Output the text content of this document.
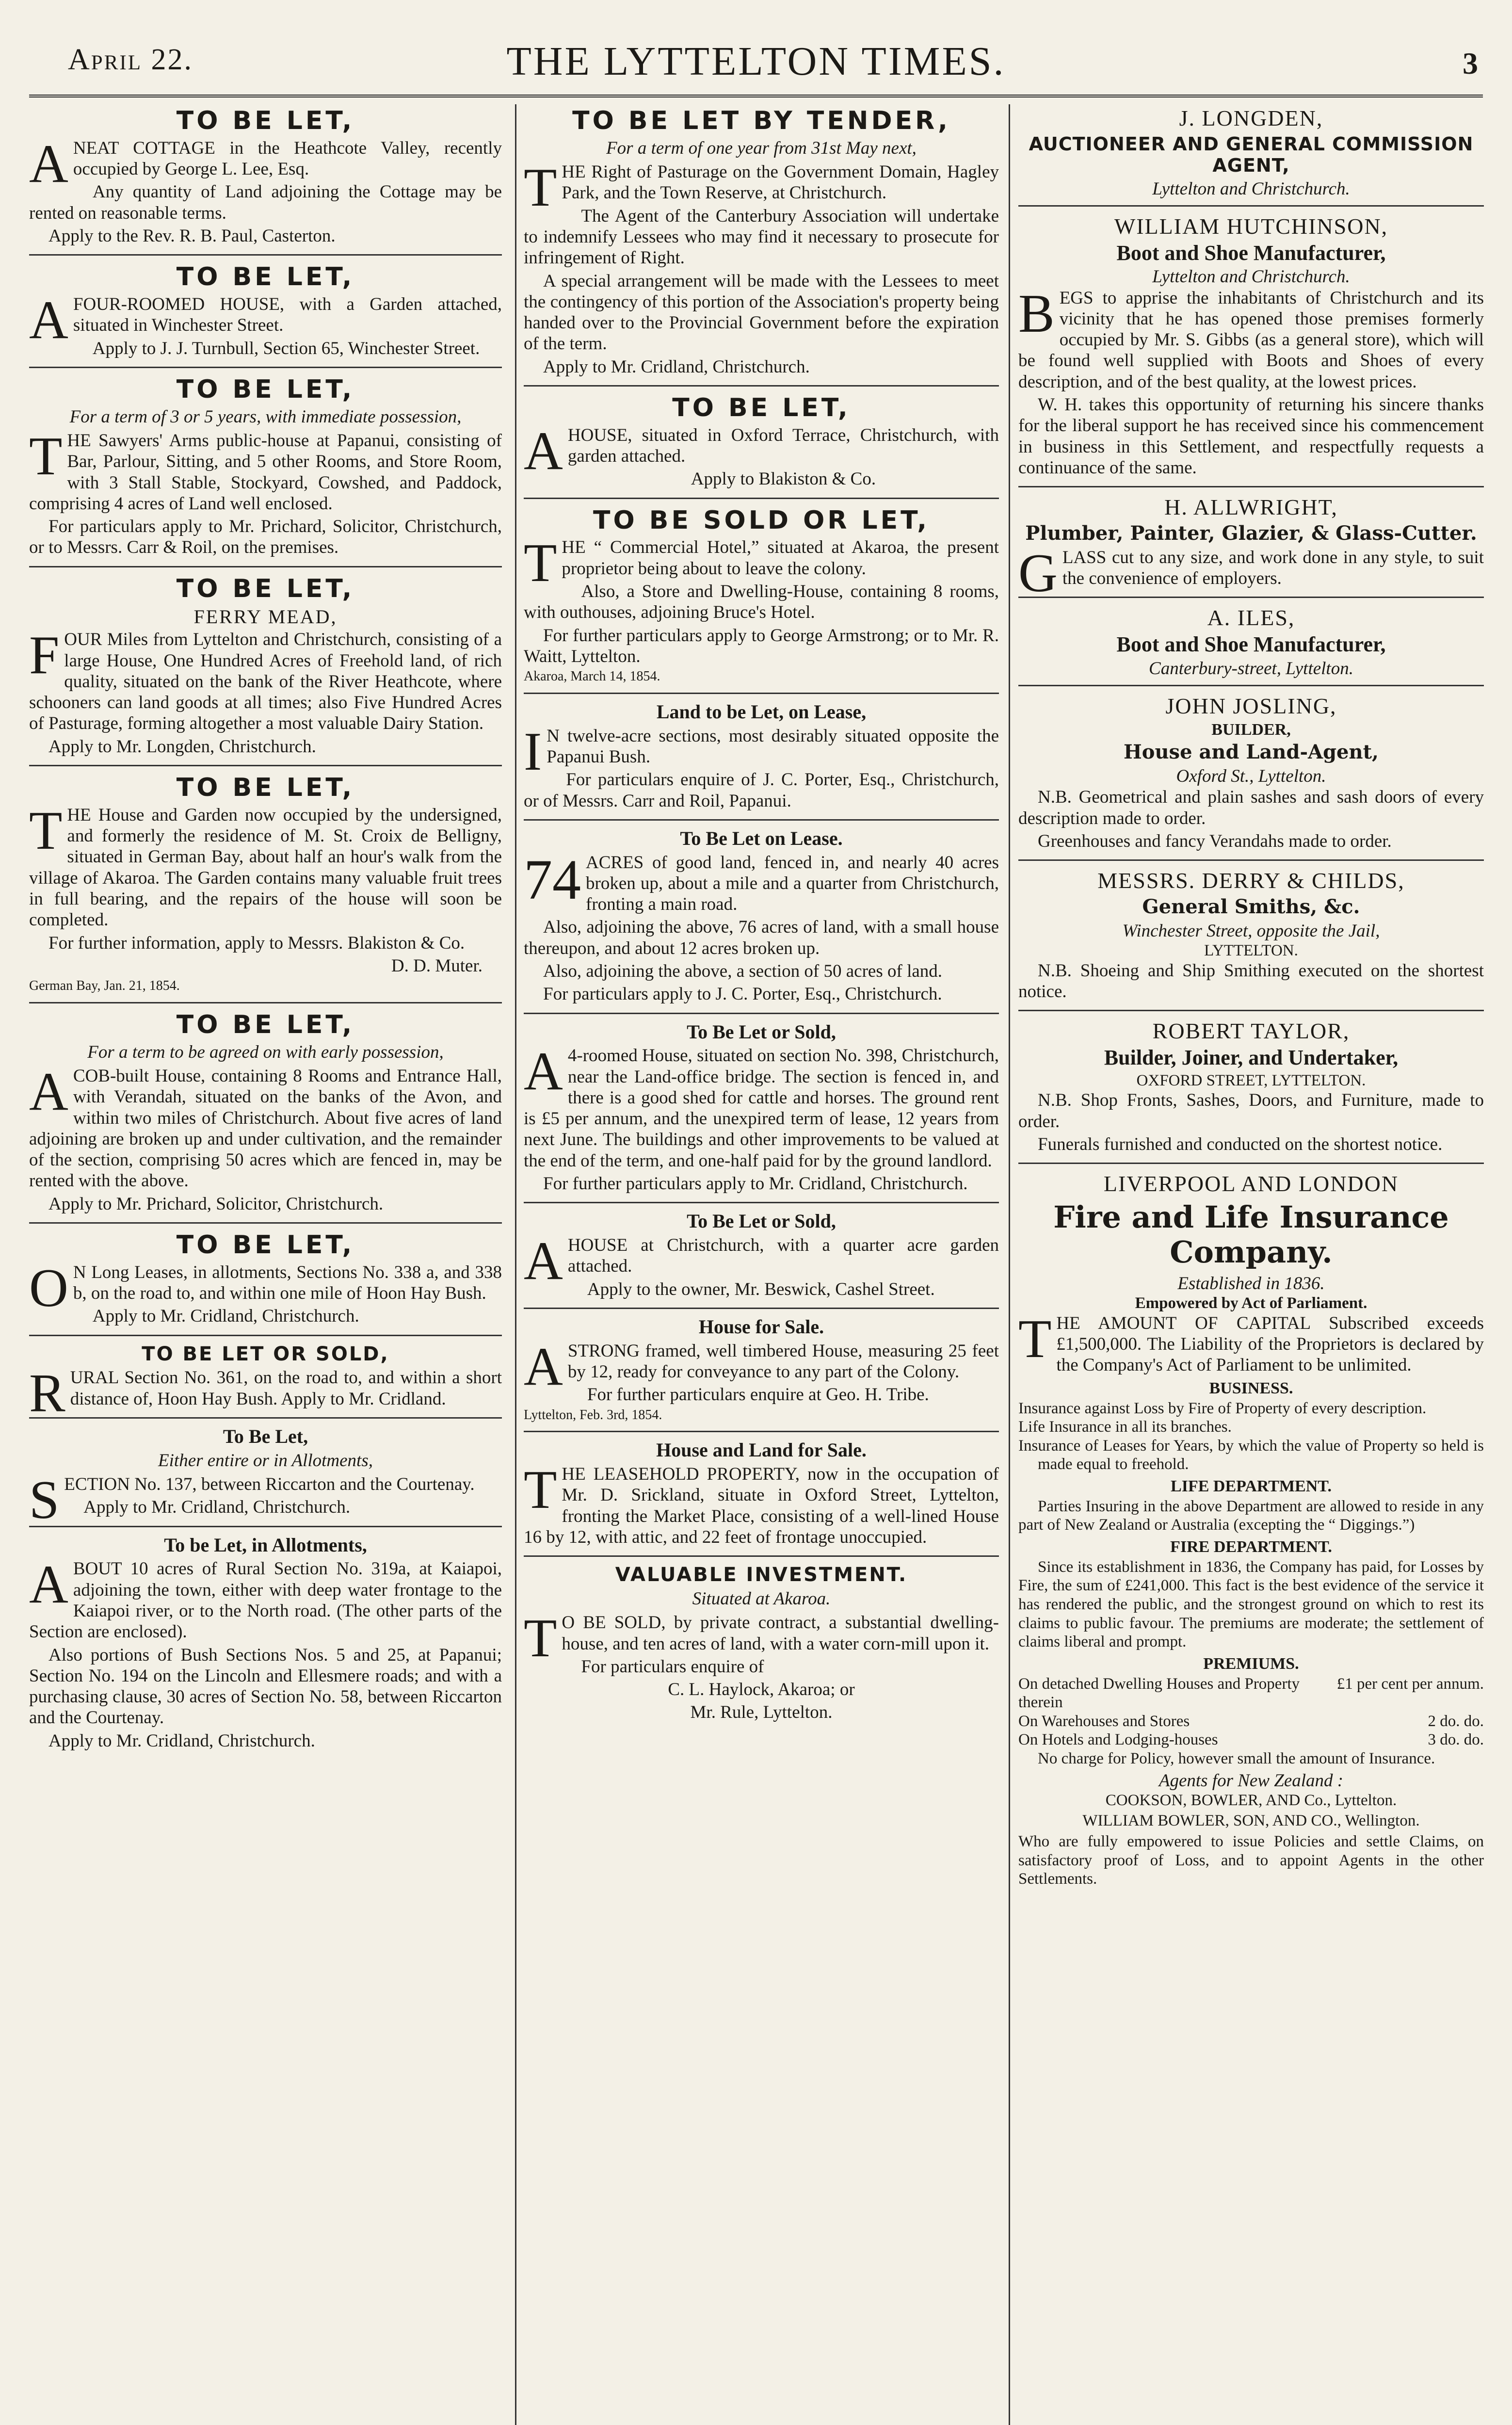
April 22.	THE LYTTELTON TIMES.	3
TO BE LET,

ANEAT COTTAGE in the Heathcote Valley, recently occupied by George L. Lee, Esq.

Any quantity of Land adjoining the Cottage may be rented on reasonable terms.

Apply to the Rev. R. B. Paul, Casterton.

TO BE LET,

AFOUR-ROOMED HOUSE, with a Garden attached, situated in Winchester Street.

Apply to J. J. Turnbull, Section 65, Winchester Street.

TO BE LET,
For a term of 3 or 5 years, with immediate possession,

THE Sawyers' Arms public-house at Papanui, consisting of Bar, Parlour, Sitting, and 5 other Rooms, and Store Room, with 3 Stall Stable, Stockyard, Cowshed, and Paddock, comprising 4 acres of Land well enclosed.

For particulars apply to Mr. Prichard, Solicitor, Christchurch, or to Messrs. Carr & Roil, on the premises.

TO BE LET,
FERRY MEAD,

FOUR Miles from Lyttelton and Christchurch, consisting of a large House, One Hundred Acres of Freehold land, of rich quality, situated on the bank of the River Heathcote, where schooners can land goods at all times; also Five Hundred Acres of Pasturage, forming altogether a most valuable Dairy Station.

Apply to Mr. Longden, Christchurch.

TO BE LET,

THE House and Garden now occupied by the undersigned, and formerly the residence of M. St. Croix de Belligny, situated in German Bay, about half an hour's walk from the village of Akaroa. The Garden contains many valuable fruit trees in full bearing, and the repairs of the house will soon be completed.

For further information, apply to Messrs. Blakiston & Co.

D. D. Muter.

German Bay, Jan. 21, 1854.

TO BE LET,
For a term to be agreed on with early possession,

ACOB-built House, containing 8 Rooms and Entrance Hall, with Verandah, situated on the banks of the Avon, and within two miles of Christchurch. About five acres of land adjoining are broken up and under cultivation, and the remainder of the section, comprising 50 acres which are fenced in, may be rented with the above.

Apply to Mr. Prichard, Solicitor, Christchurch.

TO BE LET,

O N Long Leases, in allotments, Sections No. 338 a, and 338 b, on the road to, and within one mile of Hoon Hay Bush.

Apply to Mr. Cridland, Christchurch.

TO BE LET OR SOLD,

RURAL Section No. 361, on the road to, and within a short distance of, Hoon Hay Bush. Apply to Mr. Cridland.

To Be Let,
Either entire or in Allotments,

SECTION No. 137, between Riccarton and the Courtenay.

Apply to Mr. Cridland, Christchurch.

To be Let, in Allotments,

ABOUT 10 acres of Rural Section No. 319a, at Kaiapoi, adjoining the town, either with deep water frontage to the Kaiapoi river, or to the North road. (The other parts of the Section are enclosed).

Also portions of Bush Sections Nos. 5 and 25, at Papanui; Section No. 194 on the Lincoln and Ellesmere roads; and with a purchasing clause, 30 acres of Section No. 58, between Riccarton and the Courtenay.

Apply to Mr. Cridland, Christchurch.

TO BE LET BY TENDER,
For a term of one year from 31st May next,

THE Right of Pasturage on the Government Domain, Hagley Park, and the Town Reserve, at Christchurch.

The Agent of the Canterbury Association will undertake to indemnify Lessees who may find it necessary to prosecute for infringement of Right.

A special arrangement will be made with the Lessees to meet the contingency of this portion of the Association's property being handed over to the Provincial Government before the expiration of the term.

Apply to Mr. Cridland, Christchurch.

TO BE LET,

AHOUSE, situated in Oxford Terrace, Christchurch, with garden attached.

Apply to Blakiston & Co.

TO BE SOLD OR LET,

THE “ Commercial Hotel,” situated at Akaroa, the present proprietor being about to leave the colony.

Also, a Store and Dwelling-House, containing 8 rooms, with outhouses, adjoining Bruce's Hotel.

For further particulars apply to George Armstrong; or to Mr. R. Waitt, Lyttelton.

Akaroa, March 14, 1854.

Land to be Let, on Lease,

I N twelve-acre sections, most desirably situated opposite the Papanui Bush.

For particulars enquire of J. C. Porter, Esq., Christchurch, or of Messrs. Carr and Roil, Papanui.

To Be Let on Lease.

74 ACRES of good land, fenced in, and nearly 40 acres broken up, about a mile and a quarter from Christchurch, fronting a main road.

Also, adjoining the above, 76 acres of land, with a small house thereupon, and about 12 acres broken up.

Also, adjoining the above, a section of 50 acres of land.

For particulars apply to J. C. Porter, Esq., Christchurch.

To Be Let or Sold,

A 4-roomed House, situated on section No. 398, Christchurch, near the Land-office bridge. The section is fenced in, and there is a good shed for cattle and horses. The ground rent is £5 per annum, and the unexpired term of lease, 12 years from next June. The buildings and other improvements to be valued at the end of the term, and one-half paid for by the ground landlord.

For further particulars apply to Mr. Cridland, Christchurch.

To Be Let or Sold,

AHOUSE at Christchurch, with a quarter acre garden attached.

Apply to the owner, Mr. Beswick, Cashel Street.

House for Sale.

ASTRONG framed, well timbered House, measuring 25 feet by 12, ready for conveyance to any part of the Colony.

For further particulars enquire at Geo. H. Tribe.

Lyttelton, Feb. 3rd, 1854.

House and Land for Sale.

THE LEASEHOLD PROPERTY, now in the occupation of Mr. D. Srickland, situate in Oxford Street, Lyttelton, fronting the Market Place, consisting of a well-lined House 16 by 12, with attic, and 22 feet of frontage unoccupied.

VALUABLE INVESTMENT.
Situated at Akaroa.

T O BE SOLD, by private contract, a substantial dwelling-house, and ten acres of land, with a water corn-mill upon it.

For particulars enquire of

C. L. Haylock, Akaroa; or

Mr. Rule, Lyttelton.

J. LONGDEN,
AUCTIONEER AND GENERAL COMMISSION AGENT,
Lyttelton and Christchurch.
WILLIAM HUTCHINSON,
Boot and Shoe Manufacturer,
Lyttelton and Christchurch.

BEGS to apprise the inhabitants of Christchurch and its vicinity that he has opened those premises formerly occupied by Mr. S. Gibbs (as a general store), which will be found well supplied with Boots and Shoes of every description, and of the best quality, at the lowest prices.

W. H. takes this opportunity of returning his sincere thanks for the liberal support he has received since his commencement in business in this Settlement, and respectfully requests a continuance of the same.

H. ALLWRIGHT,
Plumber, Painter, Glazier, & Glass-Cutter.

GLASS cut to any size, and work done in any style, to suit the convenience of employers.

A. ILES,
Boot and Shoe Manufacturer,
Canterbury-street, Lyttelton.
JOHN JOSLING,
BUILDER,
House and Land-Agent,
Oxford St., Lyttelton.

N.B. Geometrical and plain sashes and sash doors of every description made to order.

Greenhouses and fancy Verandahs made to order.

MESSRS. DERRY & CHILDS,
General Smiths, &c.
Winchester Street, opposite the Jail,
LYTTELTON.

N.B. Shoeing and Ship Smithing executed on the shortest notice.

ROBERT TAYLOR,
Builder, Joiner, and Undertaker,
OXFORD STREET, LYTTELTON.

N.B. Shop Fronts, Sashes, Doors, and Furniture, made to order.

Funerals furnished and conducted on the shortest notice.

LIVERPOOL AND LONDON
Fire and Life Insurance Company.
Established in 1836.
Empowered by Act of Parliament.

THE AMOUNT OF CAPITAL Subscribed exceeds £1,500,000. The Liability of the Proprietors is declared by the Company's Act of Parliament to be unlimited.

BUSINESS.

Insurance against Loss by Fire of Property of every description.

Life Insurance in all its branches.

Insurance of Leases for Years, by which the value of Property so held is made equal to freehold.

LIFE DEPARTMENT.

Parties Insuring in the above Department are allowed to reside in any part of New Zealand or Australia (excepting the “ Diggings.”)

FIRE DEPARTMENT.

Since its establishment in 1836, the Company has paid, for Losses by Fire, the sum of £241,000. This fact is the best evidence of the service it has rendered the public, and the strongest ground on which to rest its claims to public favour. The premiums are moderate; the settlement of claims liberal and prompt.

PREMIUMS.
On detached Dwelling Houses and Property therein
£1 per cent per annum.
On Warehouses and Stores	2 do. do.
On Hotels and Lodging-houses	3 do. do.

No charge for Policy, however small the amount of Insurance.

Agents for New Zealand :

COOKSON, BOWLER, AND Co., Lyttelton.

WILLIAM BOWLER, SON, AND CO., Wellington.

Who are fully empowered to issue Policies and settle Claims, on satisfactory proof of Loss, and to appoint Agents in the other Settlements.
